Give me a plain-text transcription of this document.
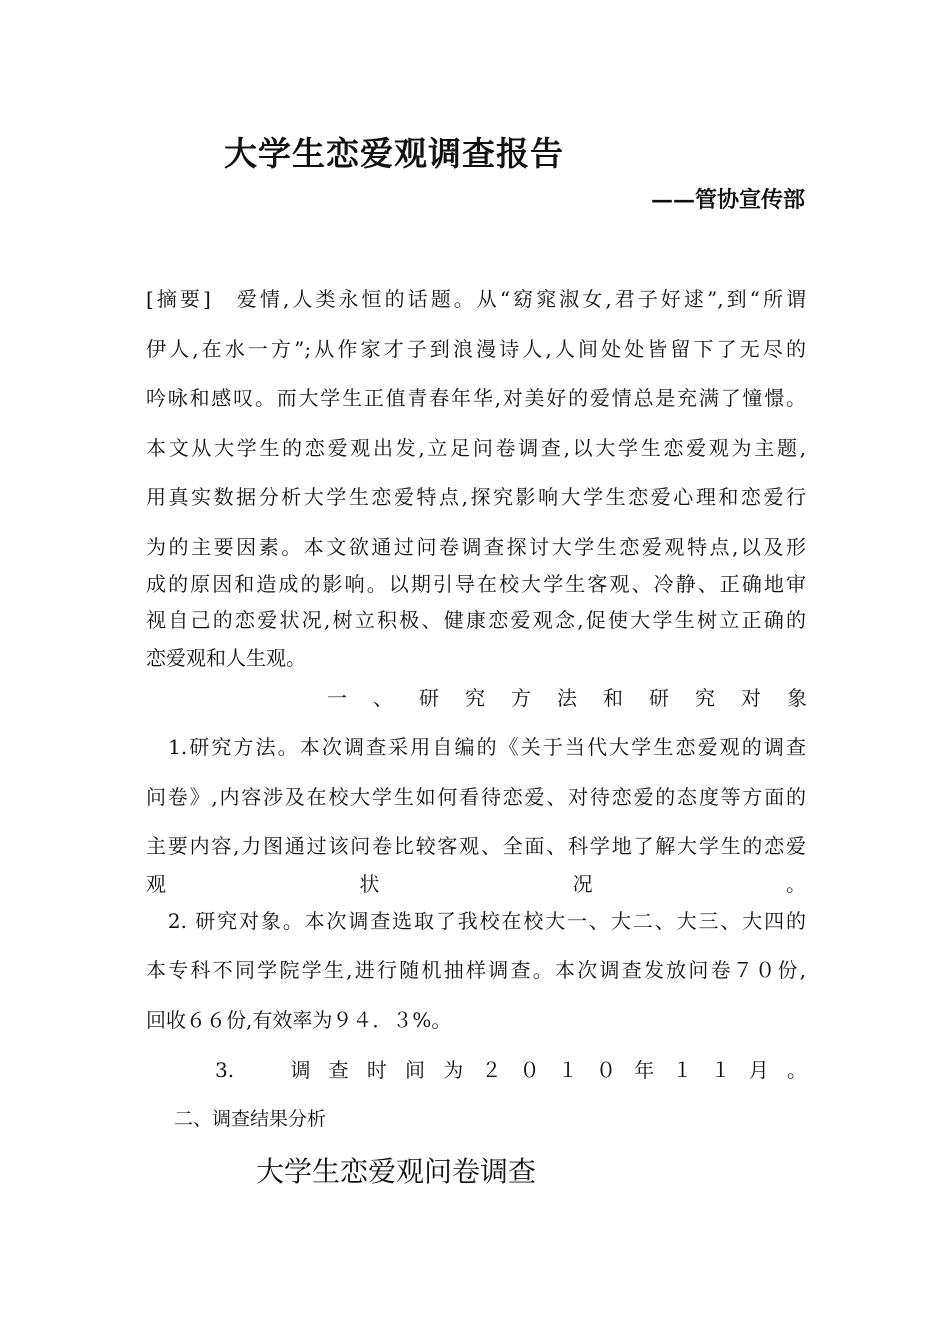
大学生恋爱观调查报告
——管协宣传部
[摘要]　爱情,人类永恒的话题。从“窈窕淑女,君子好逑”,到“所谓
伊人,在水一方”;从作家才子到浪漫诗人,人间处处皆留下了无尽的
吟咏和感叹。而大学生正值青春年华,对美好的爱情总是充满了憧憬。
本文从大学生的恋爱观出发,立足问卷调查,以大学生恋爱观为主题,
用真实数据分析大学生恋爱特点,探究影响大学生恋爱心理和恋爱行
为的主要因素。本文欲通过问卷调查探讨大学生恋爱观特点,以及形
成的原因和造成的影响。以期引导在校大学生客观、冷静、正确地审
视自己的恋爱状况,树立积极、健康恋爱观念,促使大学生树立正确的
恋爱观和人生观。
一、研究方法和研究对象
　1.研究方法。本次调查采用自编的《关于当代大学生恋爱观的调查
问卷》,内容涉及在校大学生如何看待恋爱、对待恋爱的态度等方面的
主要内容,力图通过该问卷比较客观、全面、科学地了解大学生的恋爱
观状况。
　2. 研究对象。本次调查选取了我校在校大一、大二、大三、大四的
本专科不同学院学生,进行随机抽样调查。本次调查发放问卷７０份,
回收６６份,有效率为９４．３%。
3.　调查时间为２０１０年１１月。
二、调查结果分析
大学生恋爱观问卷调查
